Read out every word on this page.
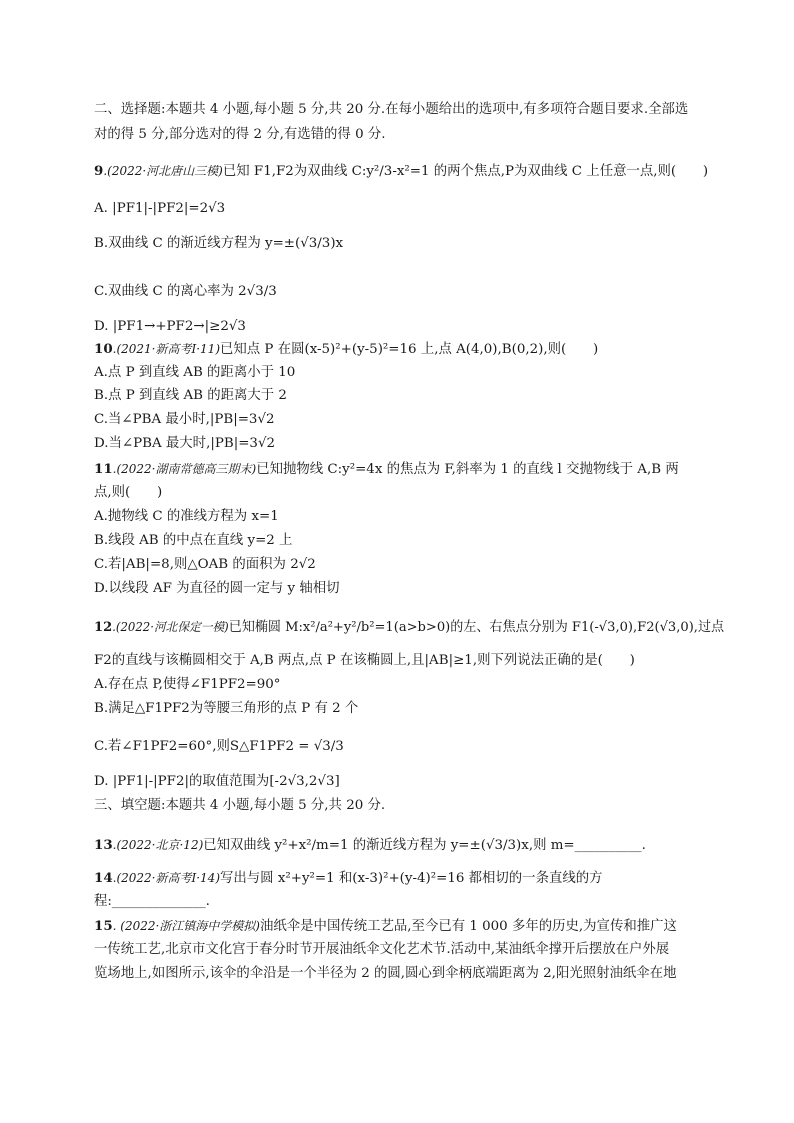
二、选择题:本题共 4 小题,每小题 5 分,共 20 分.在每小题给出的选项中,有多项符合题目要求.全部选
对的得 5 分,部分选对的得 2 分,有选错的得 0 分.
9.(2022·河北唐山三模)已知 F1,F2为双曲线 C:y²/3-x²=1 的两个焦点,P为双曲线 C 上任意一点,则(　　)
A. |PF1|-|PF2|=2√3
B.双曲线 C 的渐近线方程为 y=±(√3/3)x
C.双曲线 C 的离心率为 2√3/3
D. |PF1→+PF2→|≥2√3
10.(2021·新高考Ⅰ·11)已知点 P 在圆(x-5)²+(y-5)²=16 上,点 A(4,0),B(0,2),则(　　)
A.点 P 到直线 AB 的距离小于 10
B.点 P 到直线 AB 的距离大于 2
C.当∠PBA 最小时,|PB|=3√2
D.当∠PBA 最大时,|PB|=3√2
11.(2022·湖南常德高三期末)已知抛物线 C:y²=4x 的焦点为 F,斜率为 1 的直线 l 交抛物线于 A,B 两
点,则(　　)
A.抛物线 C 的准线方程为 x=1
B.线段 AB 的中点在直线 y=2 上
C.若|AB|=8,则△OAB 的面积为 2√2
D.以线段 AF 为直径的圆一定与 y 轴相切
12.(2022·河北保定一模)已知椭圆 M:x²/a²+y²/b²=1(a>b>0)的左、右焦点分别为 F1(-√3,0),F2(√3,0),过点
F2的直线与该椭圆相交于 A,B 两点,点 P 在该椭圆上,且|AB|≥1,则下列说法正确的是(　　)
A.存在点 P,使得∠F1PF2=90°
B.满足△F1PF2为等腰三角形的点 P 有 2 个
C.若∠F1PF2=60°,则S△F1PF2 = √3/3
D. |PF1|-|PF2|的取值范围为[-2√3,2√3]
三、填空题:本题共 4 小题,每小题 5 分,共 20 分.
13.(2022·北京·12)已知双曲线 y²+x²/m=1 的渐近线方程为 y=±(√3/3)x,则 m=__________.
14.(2022·新高考Ⅰ·14)写出与圆 x²+y²=1 和(x-3)²+(y-4)²=16 都相切的一条直线的方
程:______________.
15. (2022·浙江镇海中学模拟)油纸伞是中国传统工艺品,至今已有 1 000 多年的历史,为宣传和推广这
一传统工艺,北京市文化宫于春分时节开展油纸伞文化艺术节.活动中,某油纸伞撑开后摆放在户外展
览场地上,如图所示,该伞的伞沿是一个半径为 2 的圆,圆心到伞柄底端距离为 2,阳光照射油纸伞在地
